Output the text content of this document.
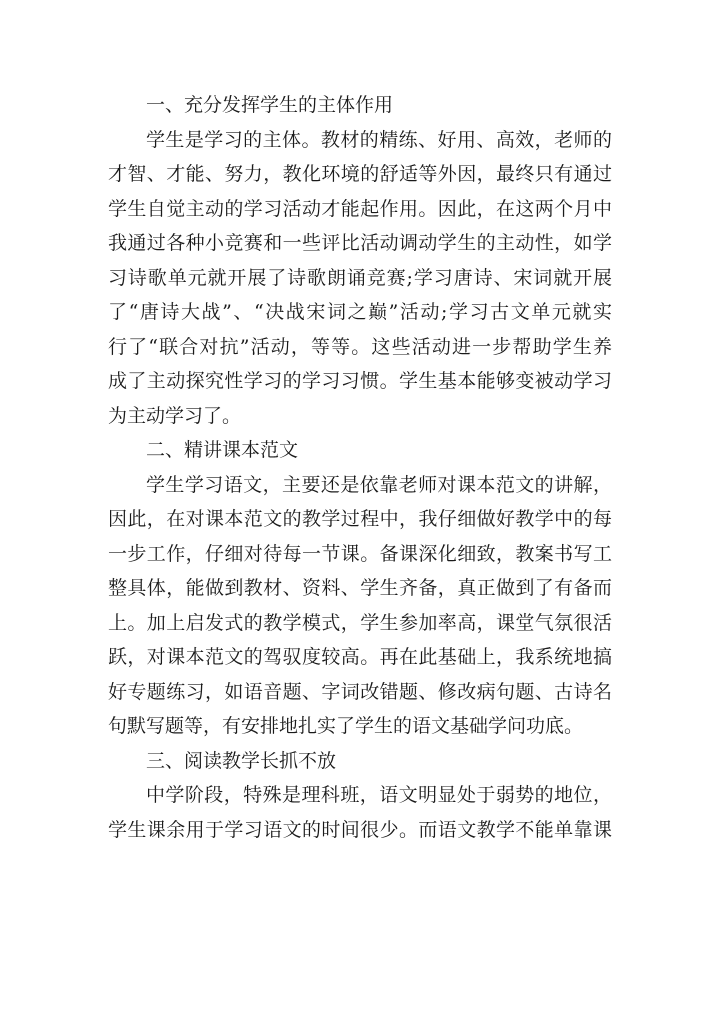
一、充分发挥学生的主体作用
学生是学习的主体。教材的精练、好用、高效，老师的
才智、才能、努力，教化环境的舒适等外因，最终只有通过
学生自觉主动的学习活动才能起作用。因此，在这两个月中
我通过各种小竞赛和一些评比活动调动学生的主动性，如学
习诗歌单元就开展了诗歌朗诵竞赛;学习唐诗、宋词就开展
了“唐诗大战”、“决战宋词之巅”活动;学习古文单元就实
行了“联合对抗”活动，等等。这些活动进一步帮助学生养
成了主动探究性学习的学习习惯。学生基本能够变被动学习
为主动学习了。
二、精讲课本范文
学生学习语文，主要还是依靠老师对课本范文的讲解，
因此，在对课本范文的教学过程中，我仔细做好教学中的每
一步工作，仔细对待每一节课。备课深化细致，教案书写工
整具体，能做到教材、资料、学生齐备，真正做到了有备而
上。加上启发式的教学模式，学生参加率高，课堂气氛很活
跃，对课本范文的驾驭度较高。再在此基础上，我系统地搞
好专题练习，如语音题、字词改错题、修改病句题、古诗名
句默写题等，有安排地扎实了学生的语文基础学问功底。
三、阅读教学长抓不放
中学阶段，特殊是理科班，语文明显处于弱势的地位，
学生课余用于学习语文的时间很少。而语文教学不能单靠课
